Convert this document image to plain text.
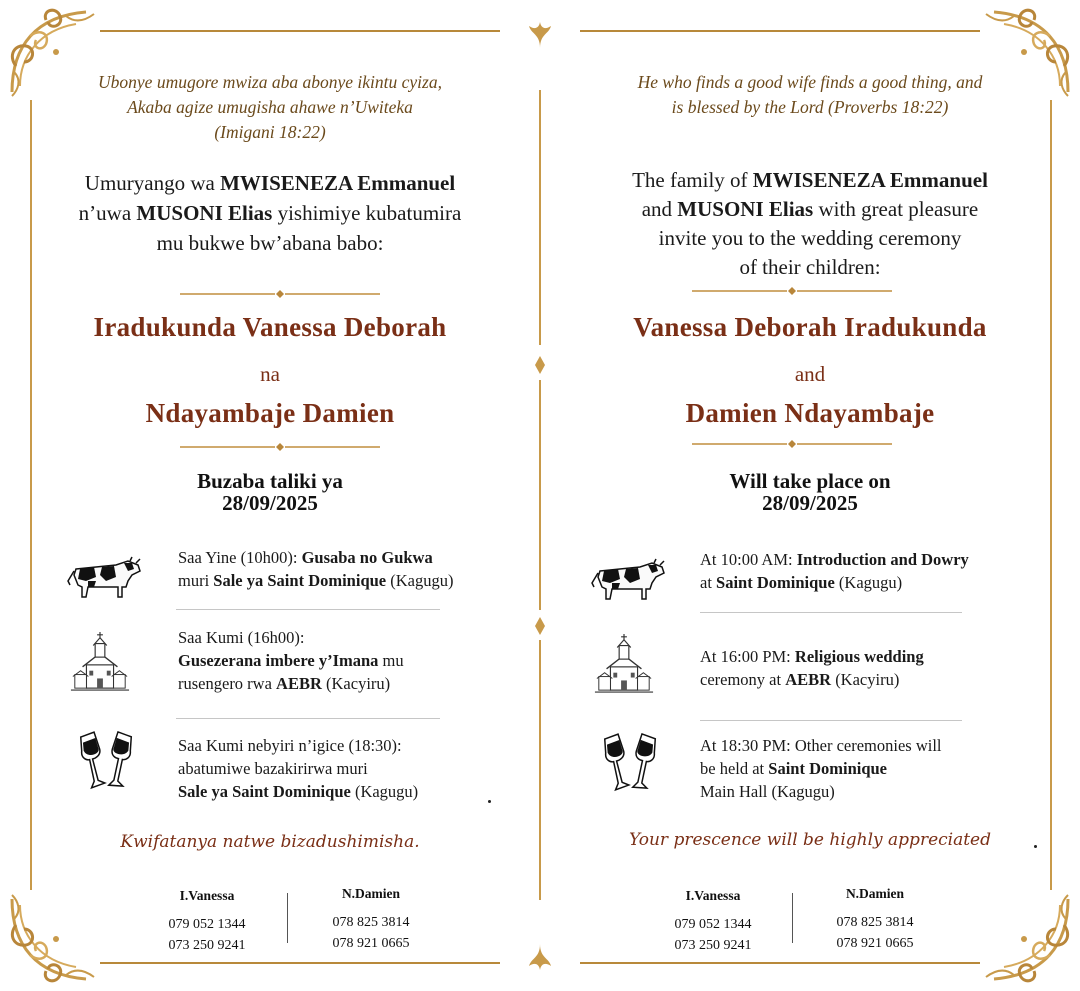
Ubonye umugore mwiza aba abonye ikintu cyiza,
Akaba agize umugisha ahawe n’Uwiteka
(Imigani 18:22)
Umuryango wa MWISENEZA Emmanuel
n’uwa MUSONI Elias yishimiye kubatumira
mu bukwe bw’abana babo:
Iradukunda Vanessa Deborah
na
Ndayambaje Damien
Buzaba taliki ya
28/09/2025
Saa Yine (10h00): Gusaba no Gukwa
muri Sale ya Saint Dominique (Kagugu)
Saa Kumi (16h00):
Gusezerana imbere y’Imana mu
rusengero rwa AEBR (Kacyiru)
Saa Kumi nebyiri n’igice (18:30):
abatumiwe bazakirirwa muri
Sale ya Saint Dominique (Kagugu)
Kwifatanya natwe bizadushimisha.
I.Vanessa
079 052 1344
073 250 9241
N.Damien
078 825 3814
078 921 0665
He who finds a good wife finds a good thing, and
is blessed by the Lord (Proverbs 18:22)
The family of MWISENEZA Emmanuel
and MUSONI Elias with great pleasure
invite you to the wedding ceremony
of their children:
Vanessa Deborah Iradukunda
and
Damien Ndayambaje
Will take place on
28/09/2025
At 10:00 AM: Introduction and Dowry
at Saint Dominique (Kagugu)
At 16:00 PM: Religious wedding
ceremony at AEBR (Kacyiru)
At 18:30 PM: Other ceremonies will
be held at Saint Dominique
Main Hall (Kagugu)
Your prescence will be highly appreciated
I.Vanessa
079 052 1344
073 250 9241
N.Damien
078 825 3814
078 921 0665
